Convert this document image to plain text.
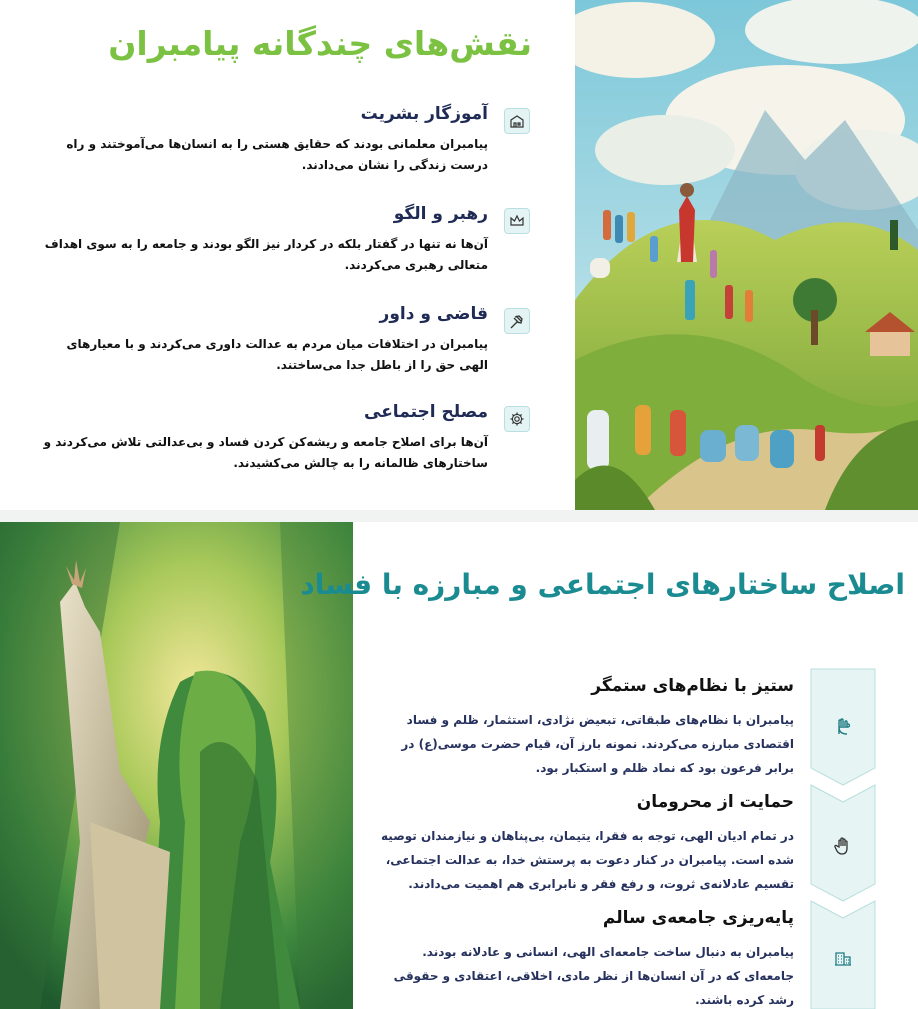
نقش‌های چندگانه پیامبران
آموزگار بشریت

پیامبران معلمانی بودند که حقایق هستی را به انسان‌ها می‌آموختند و راه درست زندگی را نشان می‌دادند.

رهبر و الگو

آن‌ها نه تنها در گفتار بلکه در کردار نیز الگو بودند و جامعه را به سوی اهداف متعالی رهبری می‌کردند.

قاضی و داور

پیامبران در اختلافات میان مردم به عدالت داوری می‌کردند و با معیارهای الهی حق را از باطل جدا می‌ساختند.

مصلح اجتماعی

آن‌ها برای اصلاح جامعه و ریشه‌کن کردن فساد و بی‌عدالتی تلاش می‌کردند و ساختارهای ظالمانه را به چالش می‌کشیدند.

اصلاح ساختارهای اجتماعی و مبارزه با فساد
ستیز با نظام‌های ستمگر

پیامبران با نظام‌های طبقاتی، تبعیض نژادی، استثمار، ظلم و فساد اقتصادی مبارزه می‌کردند. نمونه بارز آن، قیام حضرت موسی(ع) در برابر فرعون بود که نماد ظلم و استکبار بود.

حمایت از محرومان

در تمام ادیان الهی، توجه به فقرا، یتیمان، بی‌پناهان و نیازمندان توصیه شده است. پیامبران در کنار دعوت به پرستش خدا، به عدالت اجتماعی، تقسیم عادلانه‌ی ثروت، و رفع فقر و نابرابری هم اهمیت می‌دادند.

پایه‌ریزی جامعه‌ی سالم

پیامبران به دنبال ساخت جامعه‌ای الهی، انسانی و عادلانه بودند. جامعه‌ای که در آن انسان‌ها از نظر مادی، اخلاقی، اعتقادی و حقوقی رشد کرده باشند.
